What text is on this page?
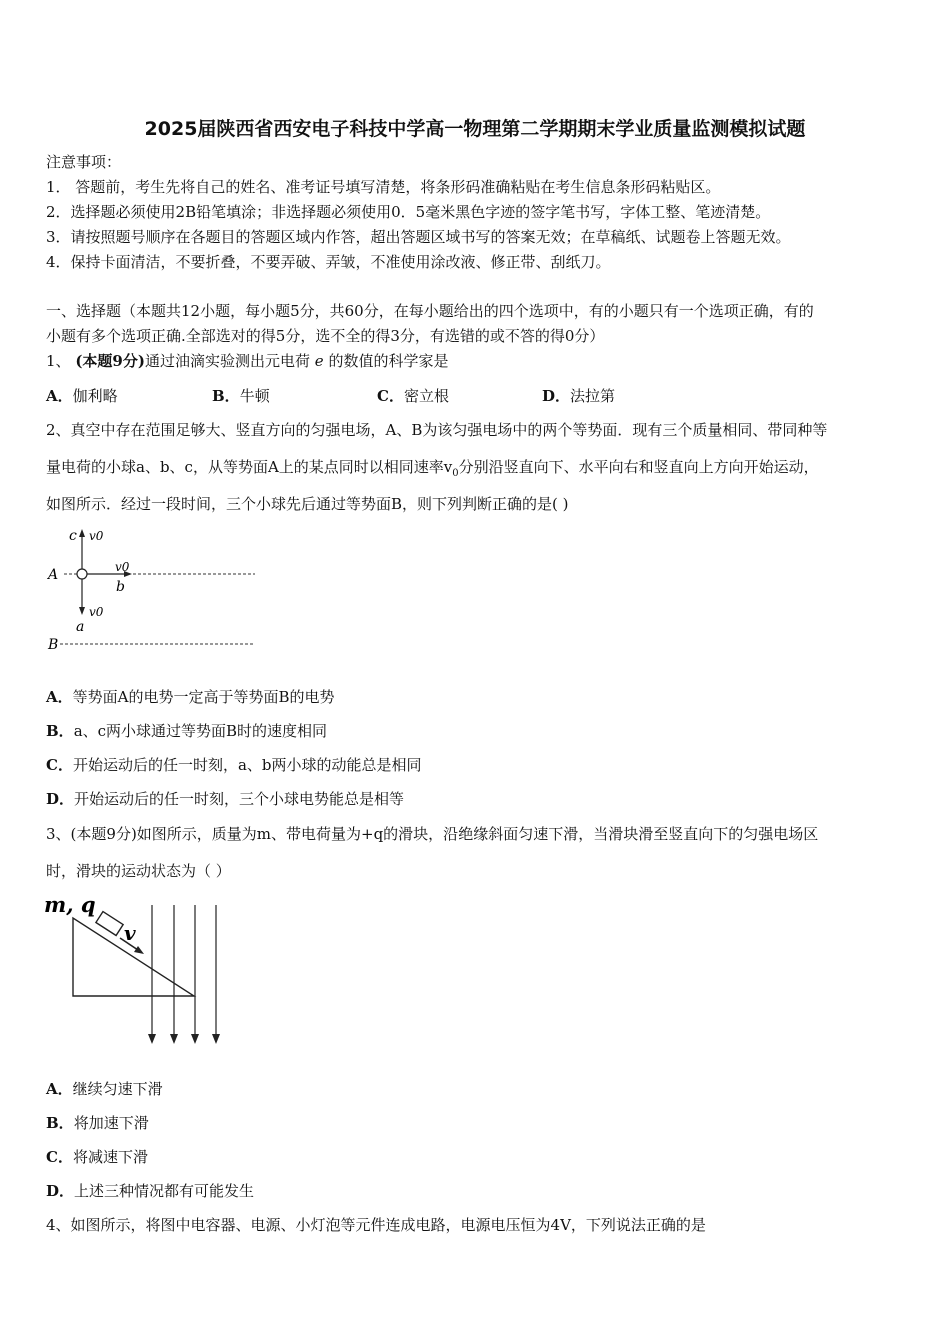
2025届陕西省西安电子科技中学高一物理第二学期期末学业质量监测模拟试题
注意事项：
1． 答题前，考生先将自己的姓名、准考证号填写清楚，将条形码准确粘贴在考生信息条形码粘贴区。
2．选择题必须使用2B铅笔填涂；非选择题必须使用0．5毫米黑色字迹的签字笔书写，字体工整、笔迹清楚。
3．请按照题号顺序在各题目的答题区域内作答，超出答题区域书写的答案无效；在草稿纸、试题卷上答题无效。
4．保持卡面清洁，不要折叠，不要弄破、弄皱，不准使用涂改液、修正带、刮纸刀。
一、选择题（本题共12小题，每小题5分，共60分，在每小题给出的四个选项中，有的小题只有一个选项正确，有的
小题有多个选项正确.全部选对的得5分，选不全的得3分，有选错的或不答的得0分）
1、 (本题9分)通过油滴实验测出元电荷 e 的数值的科学家是
A．伽利略	B．牛顿	C．密立根	D．法拉第
2、真空中存在范围足够大、竖直方向的匀强电场，A、B为该匀强电场中的两个等势面．现有三个质量相同、带同种等
量电荷的小球a、b、c，从等势面A上的某点同时以相同速率$v_0$分别沿竖直向下、水平向右和竖直向上方向开始运动，
如图所示．经过一段时间，三个小球先后通过等势面B，则下列判断正确的是( )
A
B
a
b
c v0
v0
v0
A．等势面A的电势一定高于等势面B的电势
B．a、c两小球通过等势面B时的速度相同
C．开始运动后的任一时刻，a、b两小球的动能总是相同
D．开始运动后的任一时刻，三个小球电势能总是相等
3、(本题9分)如图所示，质量为m、带电荷量为+q的滑块，沿绝缘斜面匀速下滑，当滑块滑至竖直向下的匀强电场区
时，滑块的运动状态为（ ）
m, q
v
A．继续匀速下滑
B．将加速下滑
C．将减速下滑
D．上述三种情况都有可能发生
4、如图所示，将图中电容器、电源、小灯泡等元件连成电路，电源电压恒为4V，下列说法正确的是
